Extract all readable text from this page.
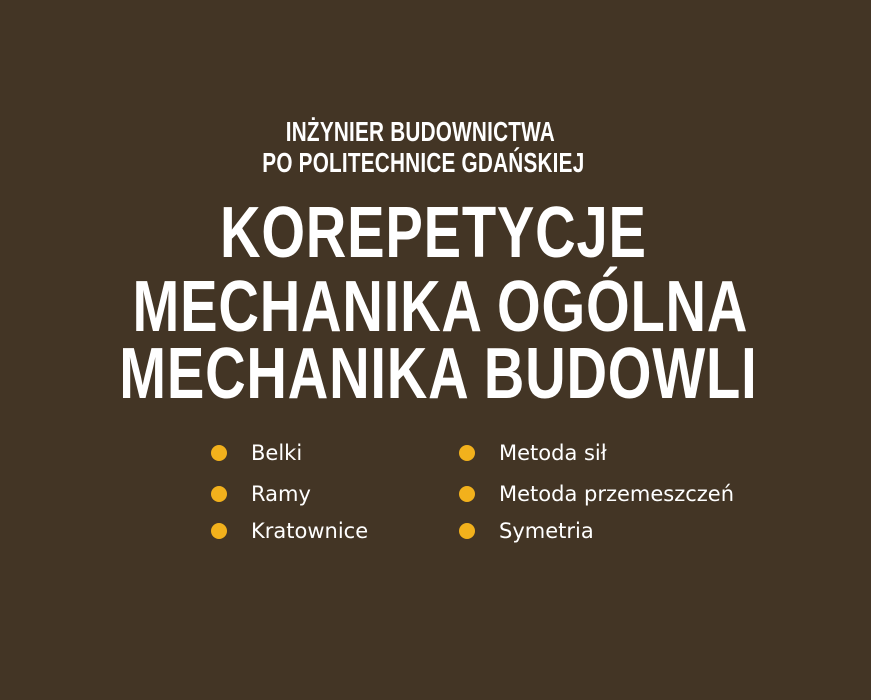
INŻYNIER BUDOWNICTWA
PO POLITECHNICE GDAŃSKIEJ
KOREPETYCJE
MECHANIKA OGÓLNA
MECHANIKA BUDOWLI
Belki
Ramy
Kratownice
Metoda sił
Metoda przemeszczeń
Symetria
